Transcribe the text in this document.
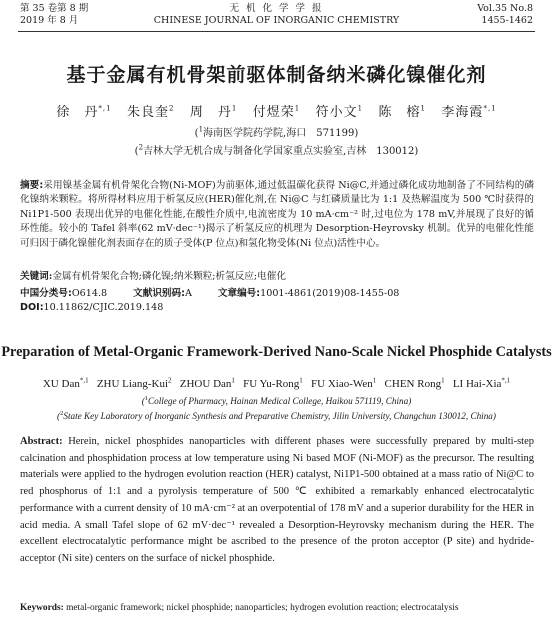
第 35 卷第 8 期
2019 年 8 月
无 机 化 学 学 报
CHINESE JOURNAL OF INORGANIC CHEMISTRY
Vol.35 No.8
1455-1462
基于金属有机骨架前驱体制备纳米磷化镍催化剂
徐　丹$^{*,1}$ 朱良奎$^2$ 周　丹$^1$ 付煜荣$^1$ 符小文$^1$ 陈　榕$^1$ 李海霞$^{*,1}$
($^1$海南医学院药学院,海口　571199)
($^2$吉林大学无机合成与制备化学国家重点实验室,吉林　130012)
摘要:采用镍基金属有机骨架化合物(Ni-MOF)为前驱体,通过低温碳化获得 Ni@C,并通过磷化成功地制备了不同结构的磷化镍纳米颗粒。将所得材料应用于析氢反应(HER)催化剂,在 Ni@C 与红磷质量比为 1:1 及热解温度为 500 ℃时获得的 Ni1P1-500 表现出优异的电催化性能,在酸性介质中,电流密度为 10 mA·cm⁻² 时,过电位为 178 mV,并展现了良好的循环性能。较小的 Tafel 斜率(62 mV·dec⁻¹)揭示了析氢反应的机理为 Desorption-Heyrovsky 机制。优异的电催化性能可归因于磷化镍催化剂表面存在的质子受体(P 位点)和氢化物受体(Ni 位点)活性中心。
关键词:金属有机骨架化合物;磷化镍;纳米颗粒;析氢反应;电催化
中国分类号:O614.8	文献识别码:A	文章编号:1001-4861(2019)08-1455-08
DOI:10.11862/CJIC.2019.148
Preparation of Metal-Organic Framework-Derived Nano-Scale Nickel Phosphide Catalysts
XU Dan$^{*,1}$ ZHU Liang-Kui$^2$ ZHOU Dan$^1$ FU Yu-Rong$^1$ FU Xiao-Wen$^1$ CHEN Rong$^1$ LI Hai-Xia$^{*,1}$
($^1$College of Pharmacy, Hainan Medical College, Haikou 571119, China)
($^2$State Key Laboratory of Inorganic Synthesis and Preparative Chemistry, Jilin University, Changchun 130012, China)
Abstract: Herein, nickel phosphides nanoparticles with different phases were successfully prepared by multi-step calcination and phosphidation process at low temperature using Ni based MOF (Ni-MOF) as the precursor. The resulting materials were applied to the hydrogen evolution reaction (HER) catalyst, Ni1P1-500 obtained at a mass ratio of Ni@C to red phosphorus of 1:1 and a pyrolysis temperature of 500 ℃ exhibited a remarkably enhanced electrocatalytic performance with a current density of 10 mA·cm⁻² at an overpotential of 178 mV and a superior durability for the HER in acid media. A small Tafel slope of 62 mV·dec⁻¹ revealed a Desorption-Heyrovsky mechanism during the HER. The excellent electrocatalytic performance might be ascribed to the presence of the proton acceptor (P site) and hydride-acceptor (Ni site) centers on the surface of nickel phosphide.
Keywords: metal-organic framework; nickel phosphide; nanoparticles; hydrogen evolution reaction; electrocatalysis
